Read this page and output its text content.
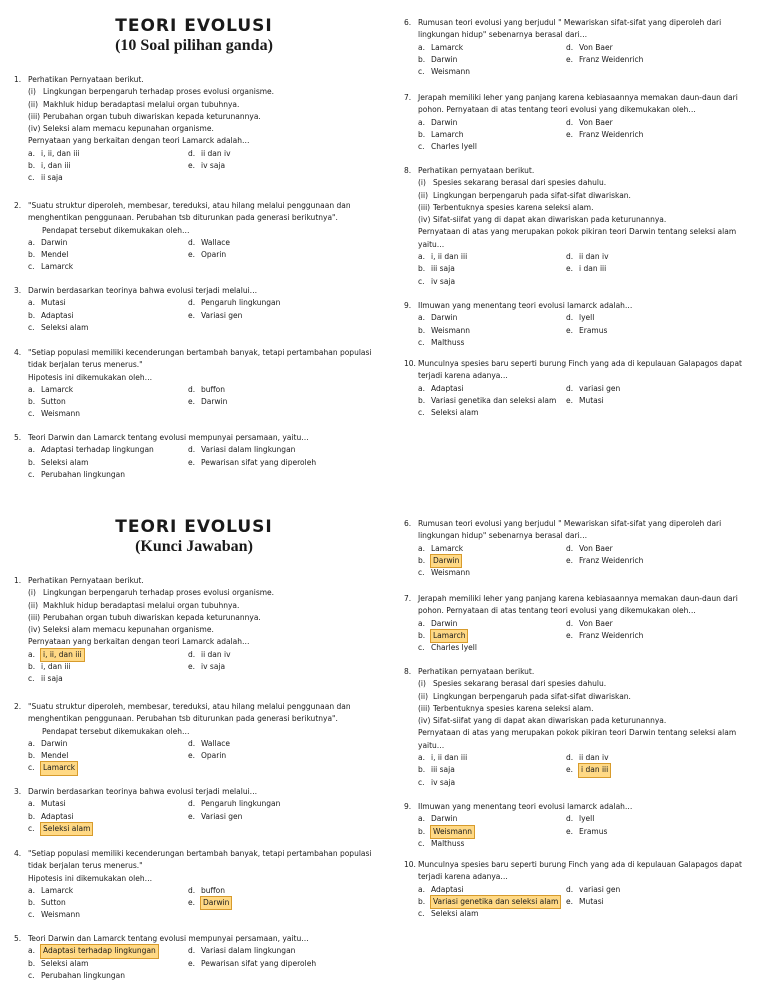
TEORI EVOLUSI
(10 Soal pilihan ganda)
1. Perhatikan Pernyataan berikut.
(i) Lingkungan berpengaruh terhadap proses evolusi organisme.
(ii) Makhluk hidup beradaptasi melalui organ tubuhnya.
(iii) Perubahan organ tubuh diwariskan kepada keturunannya.
(iv) Seleksi alam memacu kepunahan organisme.
Pernyataan yang berkaitan dengan teori Lamarck adalah…
a. i, ii, dan iii	d. ii dan iv
b. i, dan iii	e. iv saja
c. ii saja
2. "Suatu struktur diperoleh, membesar, tereduksi, atau hilang melalui penggunaan dan menghentikan penggunaan. Perubahan tsb diturunkan pada generasi berikutnya".
Pendapat tersebut dikemukakan oleh…
a. Darwin	d. Wallace
b. Mendel	e. Oparin
c. Lamarck
3. Darwin berdasarkan teorinya bahwa evolusi terjadi melalui…
a. Mutasi	d. Pengaruh lingkungan
b. Adaptasi	e. Variasi gen
c. Seleksi alam
4. "Setiap populasi memiliki kecenderungan bertambah banyak, tetapi pertambahan populasi tidak berjalan terus menerus."
Hipotesis ini dikemukakan oleh…
a. Lamarck	d. buffon
b. Sutton	e. Darwin
c. Weismann
5. Teori Darwin dan Lamarck tentang evolusi mempunyai persamaan, yaitu…
a. Adaptasi terhadap lingkungan	d. Variasi dalam lingkungan
b. Seleksi alam	e. Pewarisan sifat yang diperoleh
c. Perubahan lingkungan
6. Rumusan teori evolusi yang berjudul " Mewariskan sifat-sifat yang diperoleh dari lingkungan hidup" sebenarnya berasal dari…
a. Lamarck	d. Von Baer
b. Darwin	e. Franz Weidenrich
c. Weismann
7. Jerapah memiliki leher yang panjang karena kebiasaannya memakan daun-daun dari pohon. Pernyataan di atas tentang teori evolusi yang dikemukakan oleh…
a. Darwin	d. Von Baer
b. Lamarch	e. Franz Weidenrich
c. Charles lyell
8. Perhatikan pernyataan berikut.
(i) Spesies sekarang berasal dari spesies dahulu.
(ii) Lingkungan berpengaruh pada sifat-sifat diwariskan.
(iii) Terbentuknya spesies karena seleksi alam.
(iv) Sifat-siifat yang di dapat akan diwariskan pada keturunannya.
Pernyataan di atas yang merupakan pokok pikiran teori Darwin tentang seleksi alam yaitu…
a. i, ii dan iii	d. ii dan iv
b. iii saja	e. i dan iii
c. iv saja
9. Ilmuwan yang menentang teori evolusi lamarck adalah…
a. Darwin	d. lyell
b. Weismann	e. Eramus
c. Malthuss
10. Munculnya spesies baru seperti burung Finch yang ada di kepulauan Galapagos dapat terjadi karena adanya…
a. Adaptasi	d. variasi gen
b. Variasi genetika dan seleksi alam e. Mutasi
c. Seleksi alam
TEORI EVOLUSI
(Kunci Jawaban)
1. Perhatikan Pernyataan berikut.
(i) Lingkungan berpengaruh terhadap proses evolusi organisme.
(ii) Makhluk hidup beradaptasi melalui organ tubuhnya.
(iii) Perubahan organ tubuh diwariskan kepada keturunannya.
(iv) Seleksi alam memacu kepunahan organisme.
Pernyataan yang berkaitan dengan teori Lamarck adalah…
a.	i, ii, dan iii	d. ii dan iv
b. i, dan iii	e. iv saja
c. ii saja
2. "Suatu struktur diperoleh, membesar, tereduksi, atau hilang melalui penggunaan dan menghentikan penggunaan. Perubahan tsb diturunkan pada generasi berikutnya".
Pendapat tersebut dikemukakan oleh…
a. Darwin	d. Wallace
b. Mendel	e. Oparin
c.	Lamarck
3. Darwin berdasarkan teorinya bahwa evolusi terjadi melalui…
a. Mutasi	d. Pengaruh lingkungan
b. Adaptasi	e. Variasi gen
c.	Seleksi alam
4. "Setiap populasi memiliki kecenderungan bertambah banyak, tetapi pertambahan populasi tidak berjalan terus menerus."
Hipotesis ini dikemukakan oleh…
a. Lamarck	d. buffon
b. Sutton	e.	Darwin
c. Weismann
5. Teori Darwin dan Lamarck tentang evolusi mempunyai persamaan, yaitu…
a.	Adaptasi terhadap lingkungan	d. Variasi dalam lingkungan
b. Seleksi alam	e. Pewarisan sifat yang diperoleh
c. Perubahan lingkungan
6. Rumusan teori evolusi yang berjudul " Mewariskan sifat-sifat yang diperoleh dari lingkungan hidup" sebenarnya berasal dari…
a. Lamarck	d. Von Baer
b.	Darwin	e. Franz Weidenrich
c. Weismann
7. Jerapah memiliki leher yang panjang karena kebiasaannya memakan daun-daun dari pohon. Pernyataan di atas tentang teori evolusi yang dikemukakan oleh…
a. Darwin	d. Von Baer
b.	Lamarch	e. Franz Weidenrich
c. Charles lyell
8. Perhatikan pernyataan berikut.
(i) Spesies sekarang berasal dari spesies dahulu.
(ii) Lingkungan berpengaruh pada sifat-sifat diwariskan.
(iii) Terbentuknya spesies karena seleksi alam.
(iv) Sifat-siifat yang di dapat akan diwariskan pada keturunannya.
Pernyataan di atas yang merupakan pokok pikiran teori Darwin tentang seleksi alam yaitu…
a. i, ii dan iii	d. ii dan iv
b. iii saja	e.	i dan iii
c. iv saja
9. Ilmuwan yang menentang teori evolusi lamarck adalah…
a. Darwin	d. lyell
b.	Weismann	e. Eramus
c. Malthuss
10. Munculnya spesies baru seperti burung Finch yang ada di kepulauan Galapagos dapat terjadi karena adanya…
a. Adaptasi	d. variasi gen
b.	Variasi genetika dan seleksi alam e. Mutasi
c. Seleksi alam
